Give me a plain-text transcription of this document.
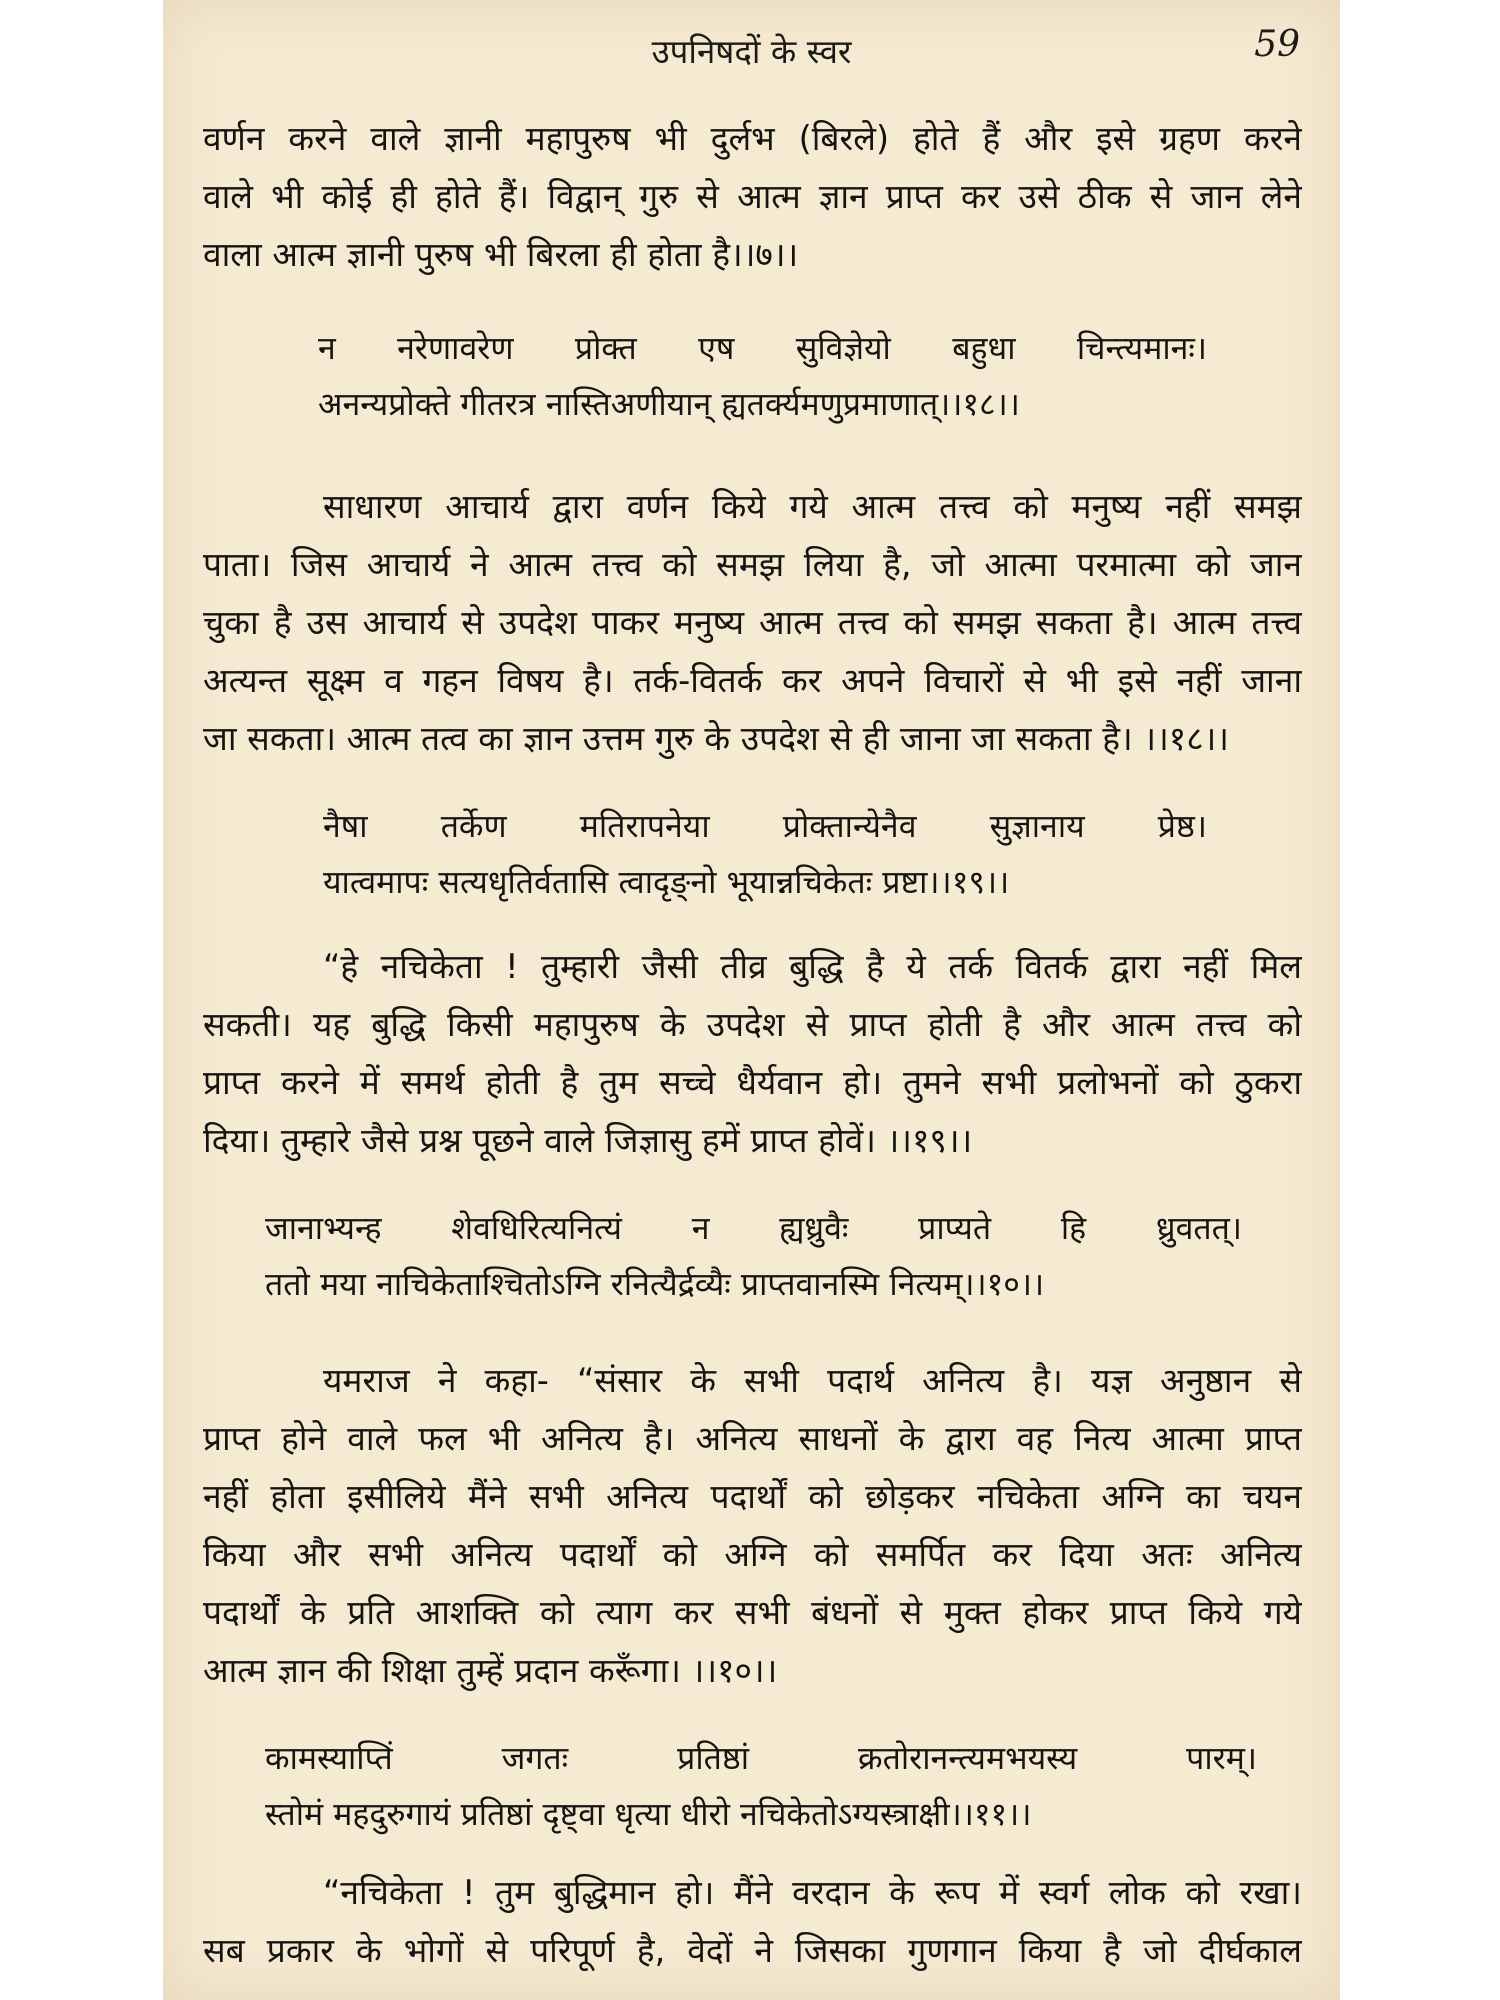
उपनिषदों के स्वर	59
वर्णन करने वाले ज्ञानी महापुरुष भी दुर्लभ (बिरले) होते हैं और इसे ग्रहण करने
वाले भी कोई ही होते हैं। विद्वान् गुरु से आत्म ज्ञान प्राप्त कर उसे ठीक से जान लेने
वाला आत्म ज्ञानी पुरुष भी बिरला ही होता है।।७।।
न नरेणावरेण प्रोक्त एष सुविज्ञेयो बहुधा चिन्त्यमानः।
अनन्यप्रोक्ते गीतरत्र नास्तिअणीयान् ह्यतर्क्यमणुप्रमाणात्।।१८।।
साधारण आचार्य द्वारा वर्णन किये गये आत्म तत्त्व को मनुष्य नहीं समझ
पाता। जिस आचार्य ने आत्म तत्त्व को समझ लिया है, जो आत्मा परमात्मा को जान
चुका है उस आचार्य से उपदेश पाकर मनुष्य आत्म तत्त्व को समझ सकता है। आत्म तत्त्व
अत्यन्त सूक्ष्म व गहन विषय है। तर्क-वितर्क कर अपने विचारों से भी इसे नहीं जाना
जा सकता। आत्म तत्व का ज्ञान उत्तम गुरु के उपदेश से ही जाना जा सकता है। ।।१८।।
नैषा तर्केण मतिरापनेया प्रोक्तान्येनैव सुज्ञानाय प्रेष्ठ।
यात्वमापः सत्यधृतिर्वतासि त्वादृङ्नो भूयान्नचिकेतः प्रष्टा।।१९।।
“हे नचिकेता ! तुम्हारी जैसी तीव्र बुद्धि है ये तर्क वितर्क द्वारा नहीं मिल
सकती। यह बुद्धि किसी महापुरुष के उपदेश से प्राप्त होती है और आत्म तत्त्व को
प्राप्त करने में समर्थ होती है तुम सच्चे धैर्यवान हो। तुमने सभी प्रलोभनों को ठुकरा
दिया। तुम्हारे जैसे प्रश्न पूछने वाले जिज्ञासु हमें प्राप्त होवें। ।।१९।।
जानाभ्यन्ह शेवधिरित्यनित्यं न ह्यध्रुवैः प्राप्यते हि ध्रुवतत्।
ततो मया नाचिकेताश्चितोऽग्नि रनित्यैर्द्रव्यैः प्राप्तवानस्मि नित्यम्।।१०।।
यमराज ने कहा- “संसार के सभी पदार्थ अनित्य है। यज्ञ अनुष्ठान से
प्राप्त होने वाले फल भी अनित्य है। अनित्य साधनों के द्वारा वह नित्य आत्मा प्राप्त
नहीं होता इसीलिये मैंने सभी अनित्य पदार्थों को छोड़कर नचिकेता अग्नि का चयन
किया और सभी अनित्य पदार्थों को अग्नि को समर्पित कर दिया अतः अनित्य
पदार्थों के प्रति आशक्ति को त्याग कर सभी बंधनों से मुक्त होकर प्राप्त किये गये
आत्म ज्ञान की शिक्षा तुम्हें प्रदान करूँगा। ।।१०।।
कामस्याप्तिं जगतः प्रतिष्ठां क्रतोरानन्त्यमभयस्य पारम्।
स्तोमं महदुरुगायं प्रतिष्ठां दृष्ट्वा धृत्या धीरो नचिकेतोऽग्यस्त्राक्षी।।११।।
“नचिकेता ! तुम बुद्धिमान हो। मैंने वरदान के रूप में स्वर्ग लोक को रखा।
सब प्रकार के भोगों से परिपूर्ण है, वेदों ने जिसका गुणगान किया है जो दीर्घकाल
